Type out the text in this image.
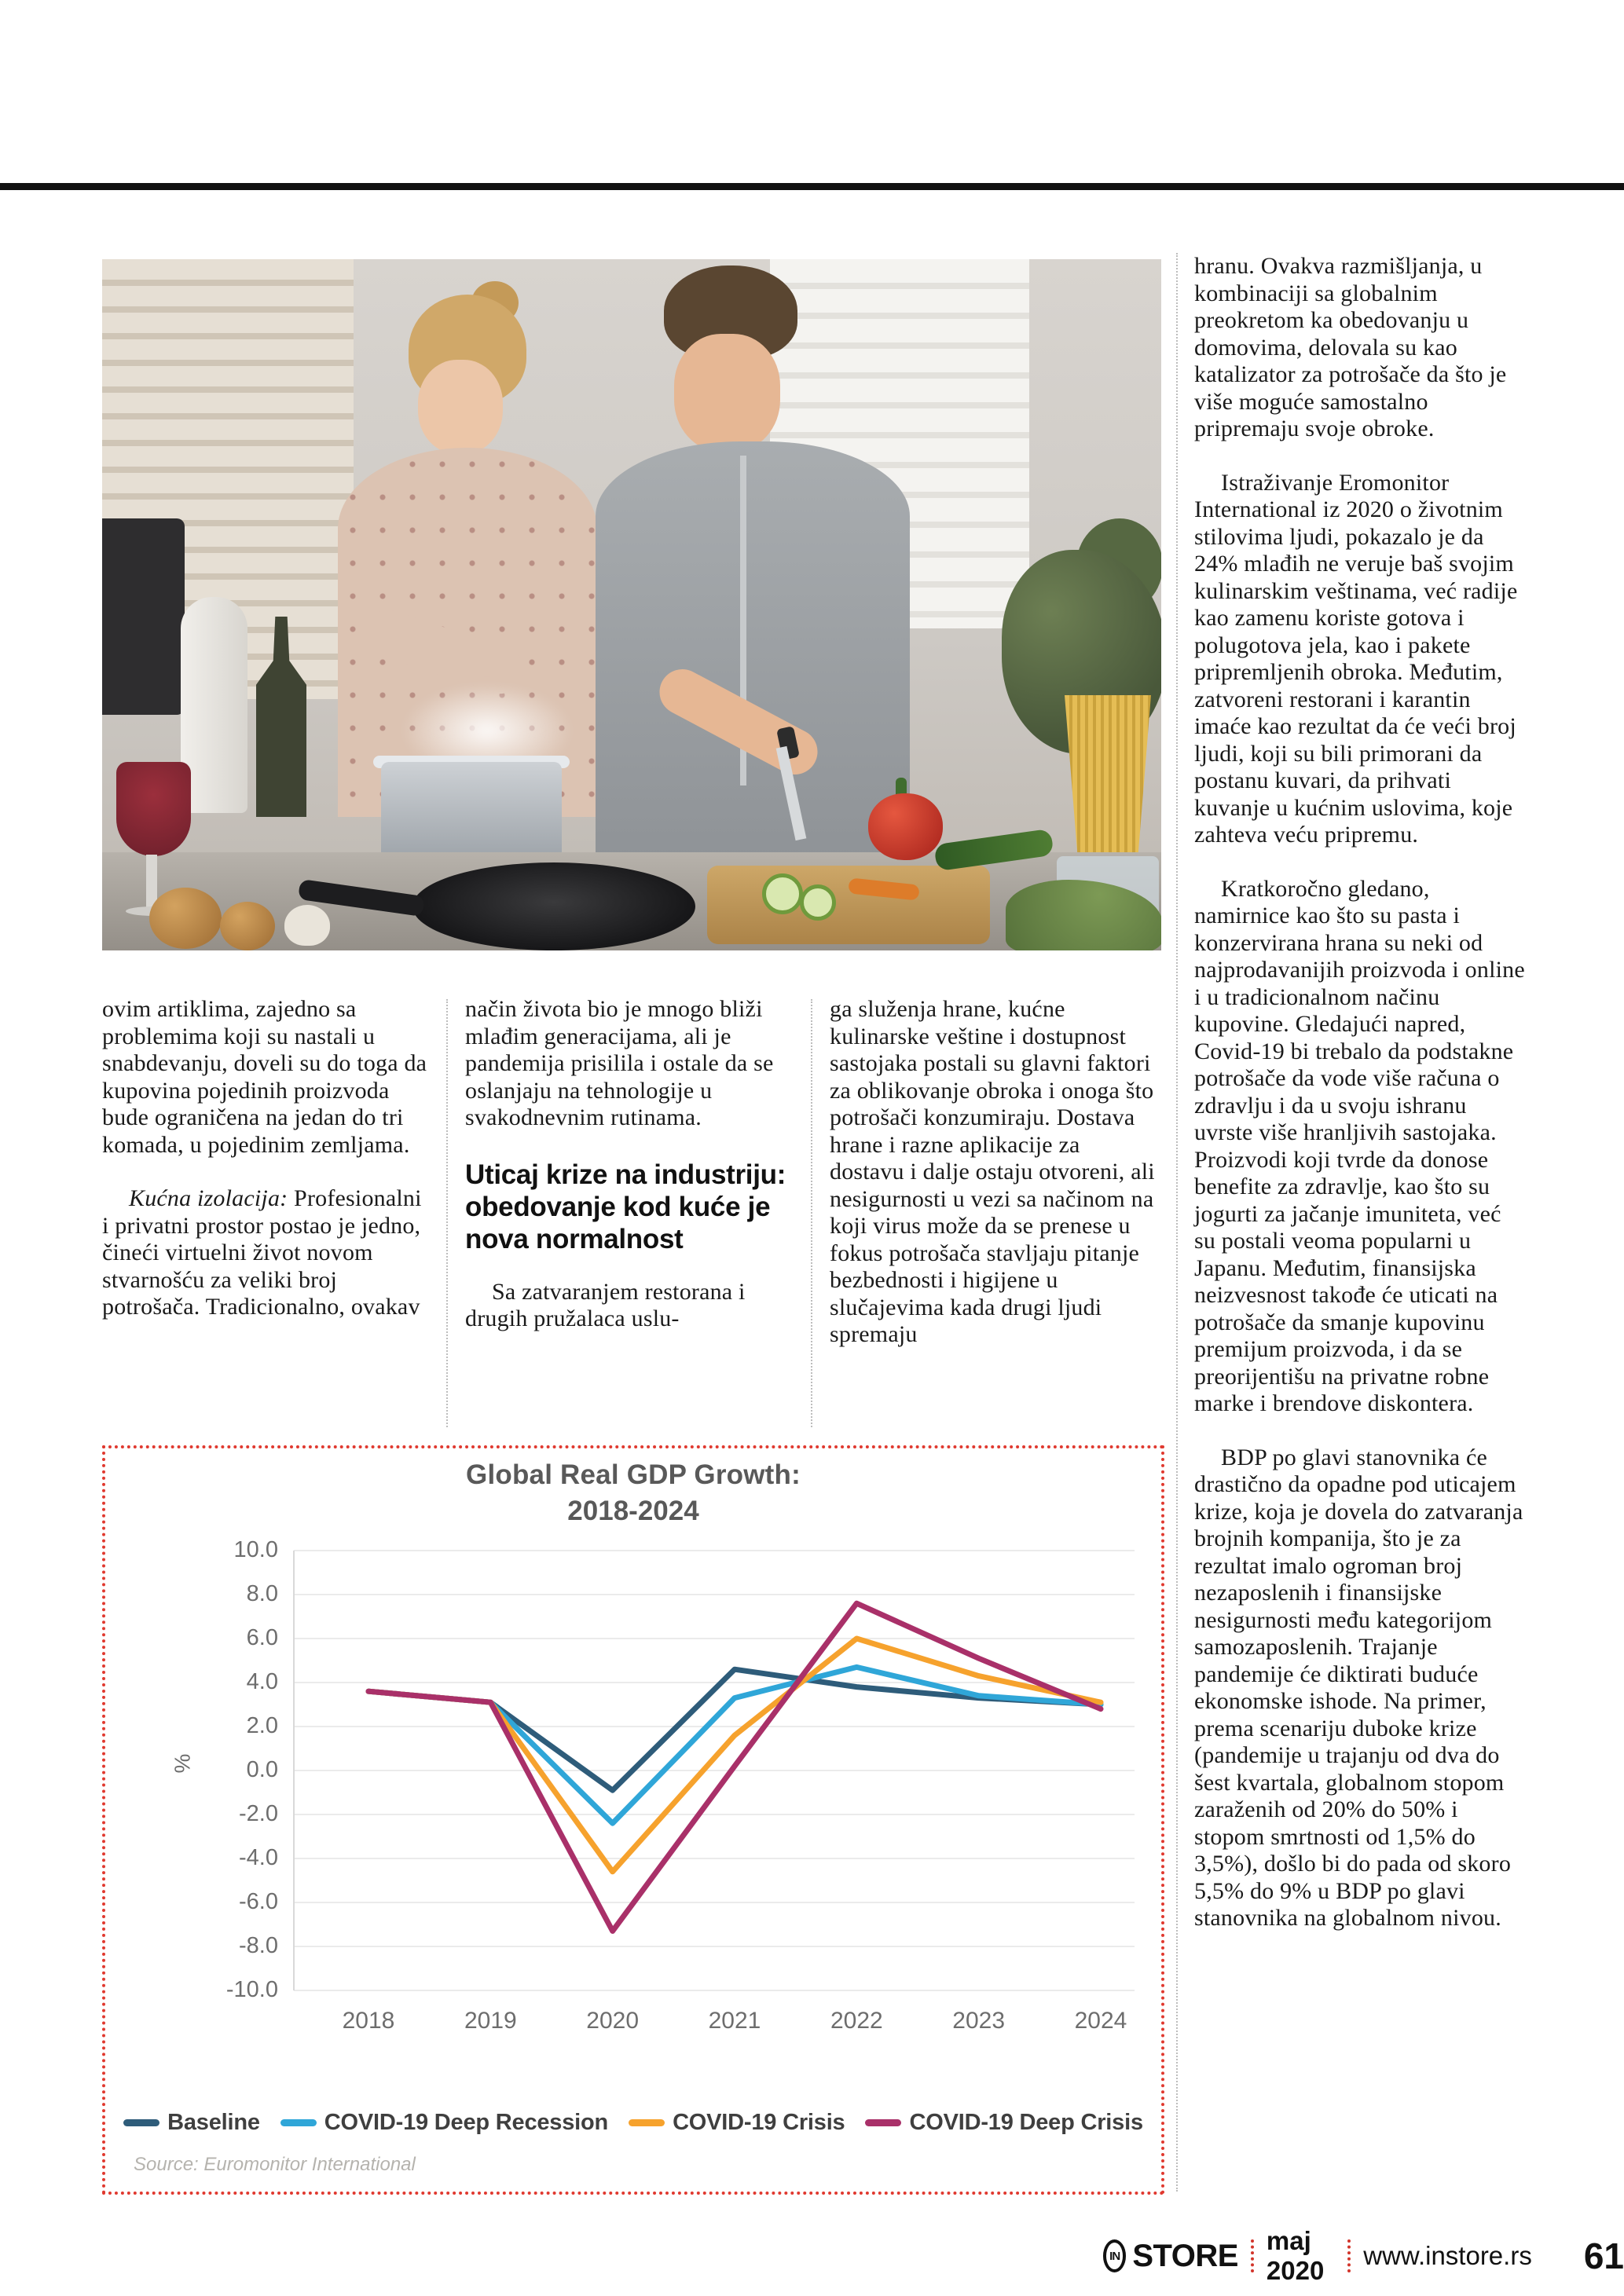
ovim artiklima, zajedno sa problemima koji su nastali u snabdevanju, doveli su do toga da kupovina pojedinih proizvoda bude ograničena na jedan do tri komada, u pojedinim zemljama.

Kućna izolacija: Profesionalni i privatni prostor postao je jedno, čineći virtuelni život novom stvarnošću za veliki broj potrošača. Tradicionalno, ovakav

način života bio je mnogo bliži mlađim generacijama, ali je pandemija prisilila i ostale da se oslanjaju na tehnologije u svakodnevnim rutinama.

Uticaj krize na industriju: obedovanje kod kuće je nova normalnost

Sa zatvaranjem restorana i drugih pružalaca uslu-

ga služenja hrane, kućne kulinarske veštine i dostupnost sastojaka postali su glavni faktori za oblikovanje obroka i onoga što potrošači konzumiraju. Dostava hrane i razne aplikacije za dostavu i dalje ostaju otvoreni, ali nesigurnosti u vezi sa načinom na koji virus može da se prenese u fokus potrošača stavljaju pitanje bezbednosti i higijene u slučajevima kada drugi ljudi spremaju

hranu. Ovakva razmišljanja, u kombinaciji sa globalnim preokretom ka obedovanju u domovima, delovala su kao katalizator za potrošače da što je više moguće samostalno pripremaju svoje obroke.

Istraživanje Eromonitor International iz 2020 o životnim stilovima ljudi, pokazalo je da 24% mlađih ne veruje baš svojim kulinarskim veštinama, već radije kao zamenu koriste gotova i polugotova jela, kao i pakete pripremljenih obroka. Međutim, zatvoreni restorani i karantin imaće kao rezultat da će veći broj ljudi, koji su bili primorani da postanu kuvari, da prihvati kuvanje u kućnim uslovima, koje zahteva veću pripremu.

Kratkoročno gledano, namirnice kao što su pasta i konzervirana hrana su neki od najprodavanijih proizvoda i online i u tradicionalnom načinu kupovine. Gledajući napred, Covid-19 bi trebalo da podstakne potrošače da vode više računa o zdravlju i da u svoju ishranu uvrste više hranljivih sastojaka. Proizvodi koji tvrde da donose benefite za zdravlje, kao što su jogurti za jačanje imuniteta, već su postali veoma popularni u Japanu. Međutim, finansijska neizvesnost takođe će uticati na potrošače da smanje kupovinu premijum proizvoda, i da se preorijentišu na privatne robne marke i brendove diskontera.

BDP po glavi stanovnika će drastično da opadne pod uticajem krize, koja je dovela do zatvaranja brojnih kompanija, što je za rezultat imalo ogroman broj nezaposlenih i finansijske nesigurnosti među kategorijom samozaposlenih. Trajanje pandemije će diktirati buduće ekonomske ishode. Na primer, prema scenariju duboke krize (pandemije u trajanju od dva do šest kvartala, globalnom stopom zaraženih od 20% do 50% i stopom smrtnosti od 1,5% do 3,5%), došlo bi do pada od skoro 5,5% do 9% u BDP po glavi stanovnika na globalnom nivou.

Global Real GDP Growth:
2018-2024
%
-10.0
-8.0
-6.0
-4.0
-2.0
0.0
2.0
4.0
6.0
8.0
10.0
2018	2019	2020	2021	2022	2023	2024
Baseline	COVID-19 Deep Recession	COVID-19 Crisis	COVID-19 Deep Crisis
Source: Euromonitor International
IN STORE maj 2020
www.instore.rs 61
